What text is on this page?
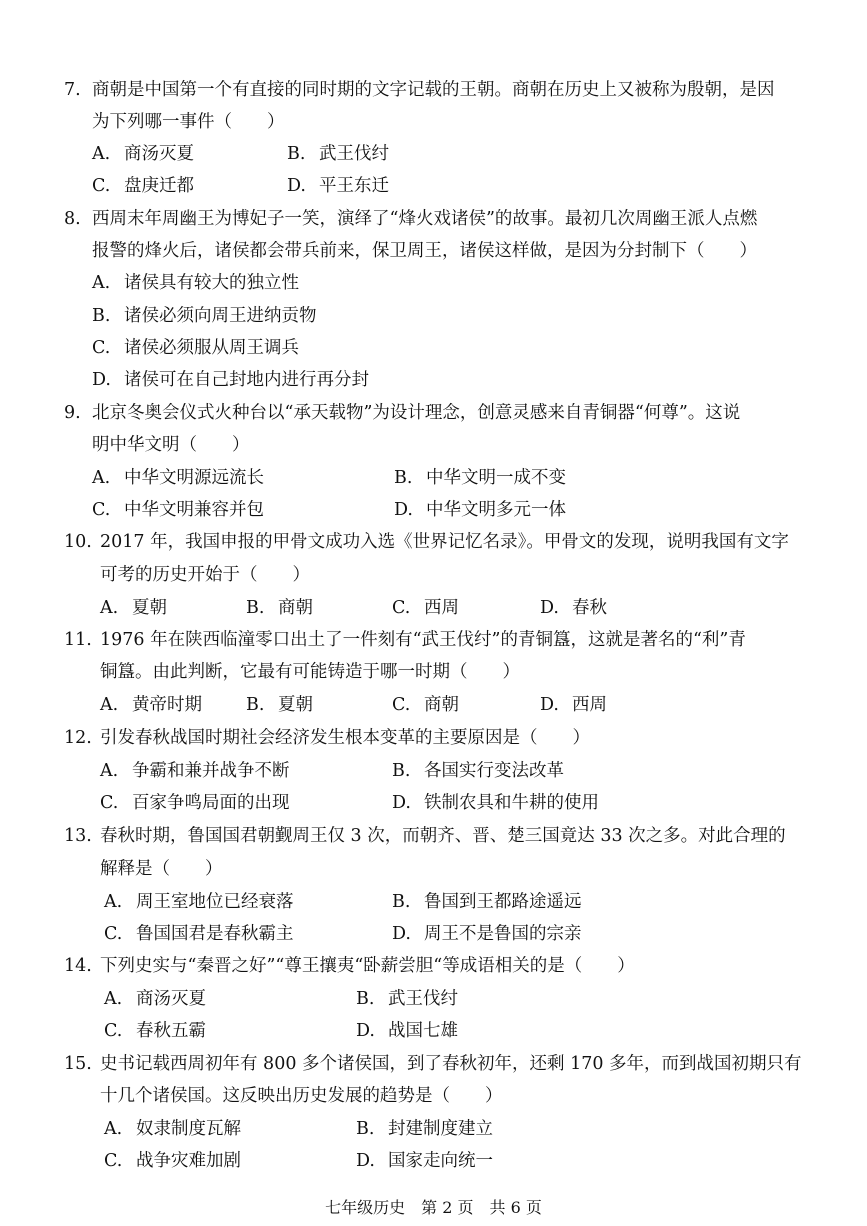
7. 商朝是中国第一个有直接的同时期的文字记载的王朝。商朝在历史上又被称为殷朝，是因
为下列哪一事件（　　）
A. 商汤灭夏	B. 武王伐纣
C. 盘庚迁都	D. 平王东迁
8. 西周末年周幽王为博妃子一笑，演绎了“烽火戏诸侯”的故事。最初几次周幽王派人点燃
报警的烽火后，诸侯都会带兵前来，保卫周王，诸侯这样做，是因为分封制下（　　）
A. 诸侯具有较大的独立性
B. 诸侯必须向周王进纳贡物
C. 诸侯必须服从周王调兵
D. 诸侯可在自己封地内进行再分封
9. 北京冬奥会仪式火种台以“承天载物”为设计理念，创意灵感来自青铜器“何尊”。这说
明中华文明（　　）
A. 中华文明源远流长	B. 中华文明一成不变
C. 中华文明兼容并包	D. 中华文明多元一体
10. 2017 年，我国申报的甲骨文成功入选《世界记忆名录》。甲骨文的发现，说明我国有文字
可考的历史开始于（　　）
A. 夏朝	B. 商朝	C. 西周	D. 春秋
11. 1976 年在陕西临潼零口出土了一件刻有“武王伐纣”的青铜簋，这就是著名的“利”青
铜簋。由此判断，它最有可能铸造于哪一时期（　　）
A. 黄帝时期	B. 夏朝	C. 商朝	D. 西周
12. 引发春秋战国时期社会经济发生根本变革的主要原因是（　　）
A. 争霸和兼并战争不断	B. 各国实行变法改革
C. 百家争鸣局面的出现	D. 铁制农具和牛耕的使用
13. 春秋时期，鲁国国君朝觐周王仅 3 次，而朝齐、晋、楚三国竟达 33 次之多。对此合理的
解释是（　　）
A. 周王室地位已经衰落	B. 鲁国到王都路途遥远
C. 鲁国国君是春秋霸主	D. 周王不是鲁国的宗亲
14. 下列史实与“秦晋之好”“尊王攘夷“卧薪尝胆“等成语相关的是（　　）
A. 商汤灭夏	B. 武王伐纣
C. 春秋五霸	D. 战国七雄
15. 史书记载西周初年有 800 多个诸侯国，到了春秋初年，还剩 170 多年，而到战国初期只有
十几个诸侯国。这反映出历史发展的趋势是（　　）
A. 奴隶制度瓦解	B. 封建制度建立
C. 战争灾难加剧	D. 国家走向统一
七年级历史　第 2 页　共 6 页
